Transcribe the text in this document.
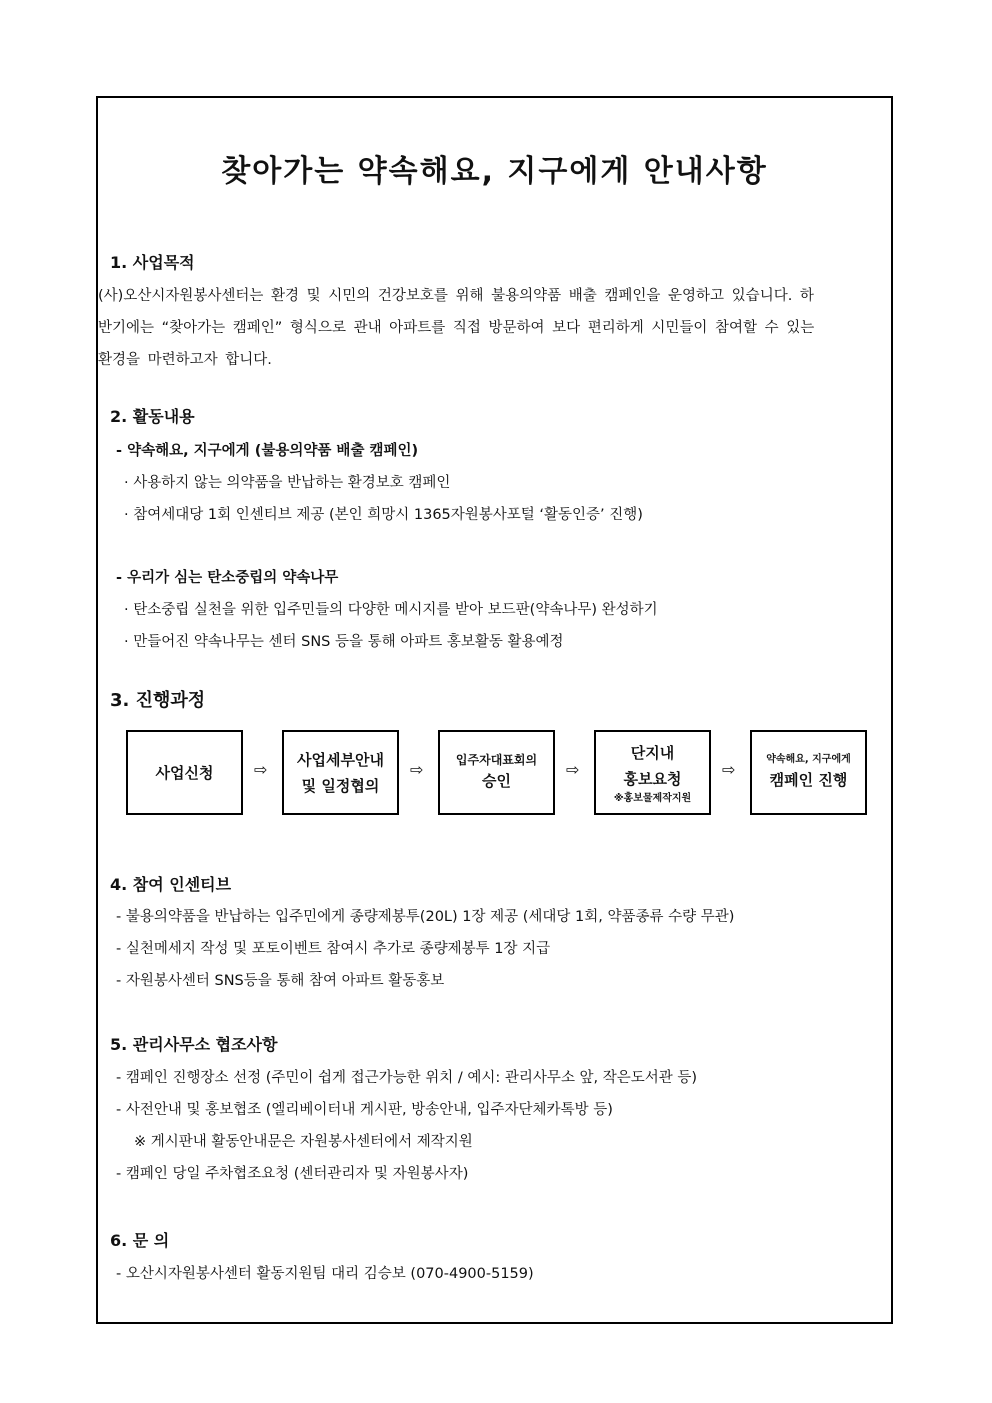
찾아가는 약속해요, 지구에게 안내사항
1. 사업목적
(사)오산시자원봉사센터는 환경 및 시민의 건강보호를 위해 불용의약품 배출 캠페인을 운영하고 있습니다. 하
반기에는 “찾아가는 캠페인” 형식으로 관내 아파트를 직접 방문하여 보다 편리하게 시민들이 참여할 수 있는
환경을 마련하고자 합니다.
2. 활동내용
- 약속해요, 지구에게 (불용의약품 배출 캠페인)
· 사용하지 않는 의약품을 반납하는 환경보호 캠페인
· 참여세대당 1회 인센티브 제공 (본인 희망시 1365자원봉사포털 ‘활동인증’ 진행)
- 우리가 심는 탄소중립의 약속나무
· 탄소중립 실천을 위한 입주민들의 다양한 메시지를 받아 보드판(약속나무) 완성하기
· 만들어진 약속나무는 센터 SNS 등을 통해 아파트 홍보활동 활용예정
3. 진행과정
사업신청	⇨
사업세부안내
및 일정협의
⇨
입주자대표회의
승인
⇨
단지내
홍보요청
※홍보물제작지원
⇨
약속해요, 지구에게
캠페인 진행
4. 참여 인센티브
- 불용의약품을 반납하는 입주민에게 종량제봉투(20L) 1장 제공 (세대당 1회, 약품종류 수량 무관)
- 실천메세지 작성 및 포토이벤트 참여시 추가로 종량제봉투 1장 지급
- 자원봉사센터 SNS등을 통해 참여 아파트 활동홍보
5. 관리사무소 협조사항
- 캠페인 진행장소 선정 (주민이 쉽게 접근가능한 위치 / 예시: 관리사무소 앞, 작은도서관 등)
- 사전안내 및 홍보협조 (엘리베이터내 게시판, 방송안내, 입주자단체카톡방 등)
※ 게시판내 활동안내문은 자원봉사센터에서 제작지원
- 캠페인 당일 주차협조요청 (센터관리자 및 자원봉사자)
6. 문 의
- 오산시자원봉사센터 활동지원팀 대리 김승보 (070-4900-5159)
